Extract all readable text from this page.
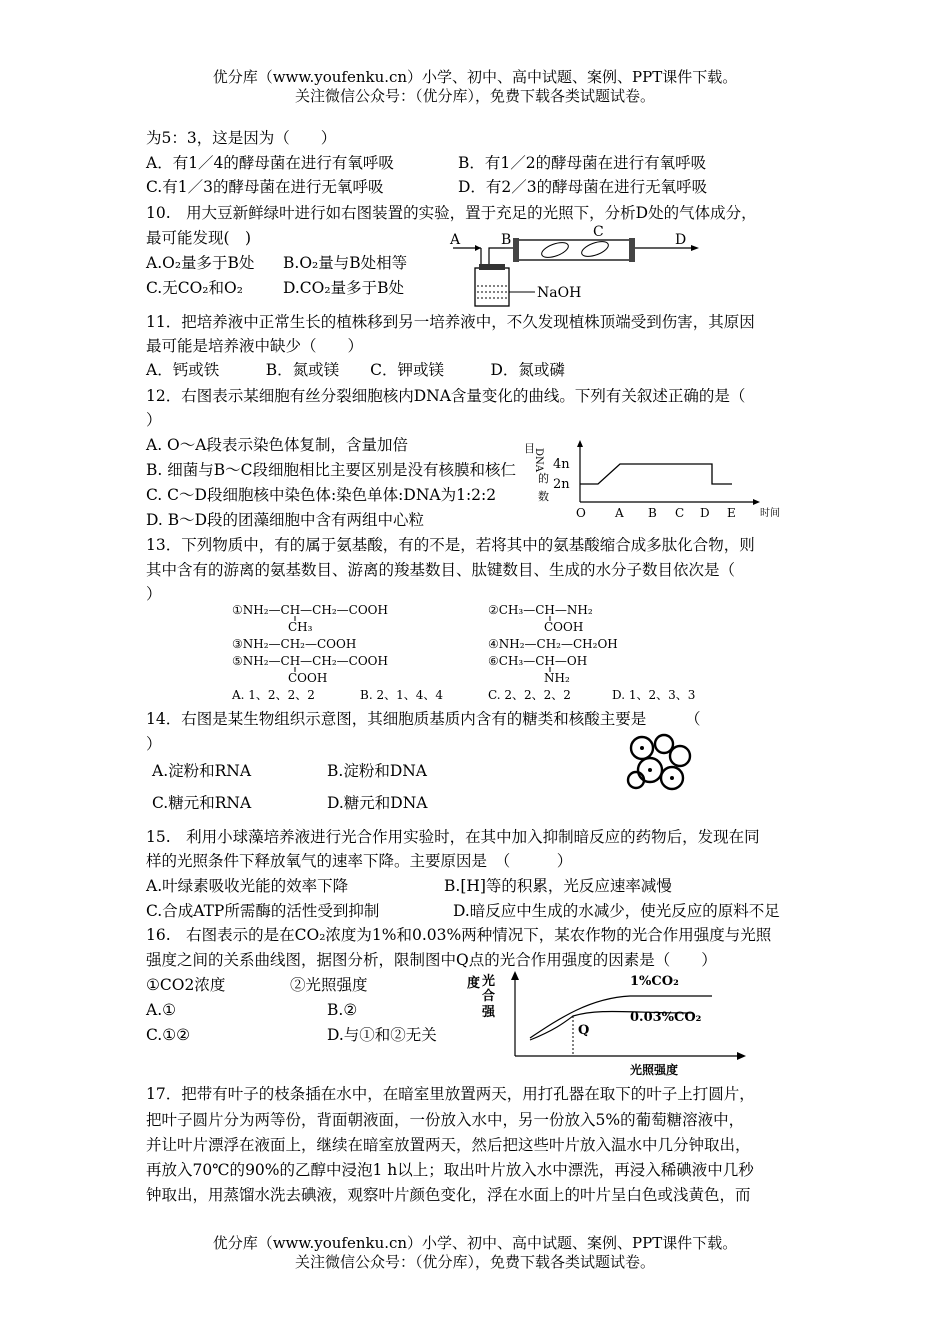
优分库（www.youfenku.cn）小学、初中、高中试题、案例、PPT课件下载。
关注微信公众号：（优分库），免费下载各类试题试卷。
为5：3，这是因为（　　）
A．有1／4的酵母菌在进行有氧呼吸	B．有1／2的酵母菌在进行有氧呼吸
C.有1／3的酵母菌在进行无氧呼吸	D．有2／3的酵母菌在进行无氧呼吸
10.　用大豆新鲜绿叶进行如右图装置的实验，置于充足的光照下，分析D处的气体成分，
最可能发现(　)
A.O₂量多于B处 B.O₂量与B处相等
C.无CO₂和O₂	D.CO₂量多于B处
A	B	C	D
NaOH
11．把培养液中正常生长的植株移到另一培养液中，不久发现植株顶端受到伤害，其原因
最可能是培养液中缺少（　　）
A．钙或铁　　　B．氮或镁　　C．钾或镁　　　D．氮或磷
12．右图表示某细胞有丝分裂细胞核内DNA含量变化的曲线。下列有关叙述正确的是（
）
A. O～A段表示染色体复制，含量加倍
B. 细菌与B～C段细胞相比主要区别是没有核膜和核仁
C. C～D段细胞核中染色体:染色单体:DNA为1:2:2
D. B～D段的团藻细胞中含有两组中心粒
目
DNA
的
数
4n
2n
O A B C D E 时间
13．下列物质中，有的属于氨基酸，有的不是，若将其中的氨基酸缩合成多肽化合物，则
其中含有的游离的氨基数目、游离的羧基数目、肽键数目、生成的水分子数目依次是（
）
①NH₂—CH—CH₂—COOH
CH₃
③NH₂—CH₂—COOH
⑤NH₂—CH—CH₂—COOH
COOH
②CH₃—CH—NH₂
COOH
④NH₂—CH₂—CH₂OH
⑥CH₃—CH—OH
NH₂
A. 1、2、2、2	B. 2、1、4、4	C. 2、2、2、2	D. 1、2、3、3
14．右图是某生物组织示意图，其细胞质基质内含有的糖类和核酸主要是　　　（
）
A.淀粉和RNA	B.淀粉和DNA
C.糖元和RNA	D.糖元和DNA
15.　利用小球藻培养液进行光合作用实验时，在其中加入抑制暗反应的药物后，发现在同
样的光照条件下释放氧气的速率下降。主要原因是　（　　　）
A.叶绿素吸收光能的效率下降	B.[H]等的积累，光反应速率减慢
C.合成ATP所需酶的活性受到抑制	D.暗反应中生成的水减少，使光反应的原料不足
16.　右图表示的是在CO₂浓度为1%和0.03%两种情况下，某农作物的光合作用强度与光照
强度之间的关系曲线图，据图分析，限制图中Q点的光合作用强度的因素是（　　）
①CO2浓度	②光照强度
A.①	B.②
C.①②	D.与①和②无关
度 光
合
强
1%CO₂
0.03%CO₂
Q
光照强度
17．把带有叶子的枝条插在水中，在暗室里放置两天，用打孔器在取下的叶子上打圆片，
把叶子圆片分为两等份，背面朝液面，一份放入水中，另一份放入5%的葡萄糖溶液中，
并让叶片漂浮在液面上，继续在暗室放置两天，然后把这些叶片放入温水中几分钟取出，
再放入70℃的90%的乙醇中浸泡1 h以上；取出叶片放入水中漂洗，再浸入稀碘液中几秒
钟取出，用蒸馏水洗去碘液，观察叶片颜色变化，浮在水面上的叶片呈白色或浅黄色，而
优分库（www.youfenku.cn）小学、初中、高中试题、案例、PPT课件下载。
关注微信公众号：（优分库），免费下载各类试题试卷。
